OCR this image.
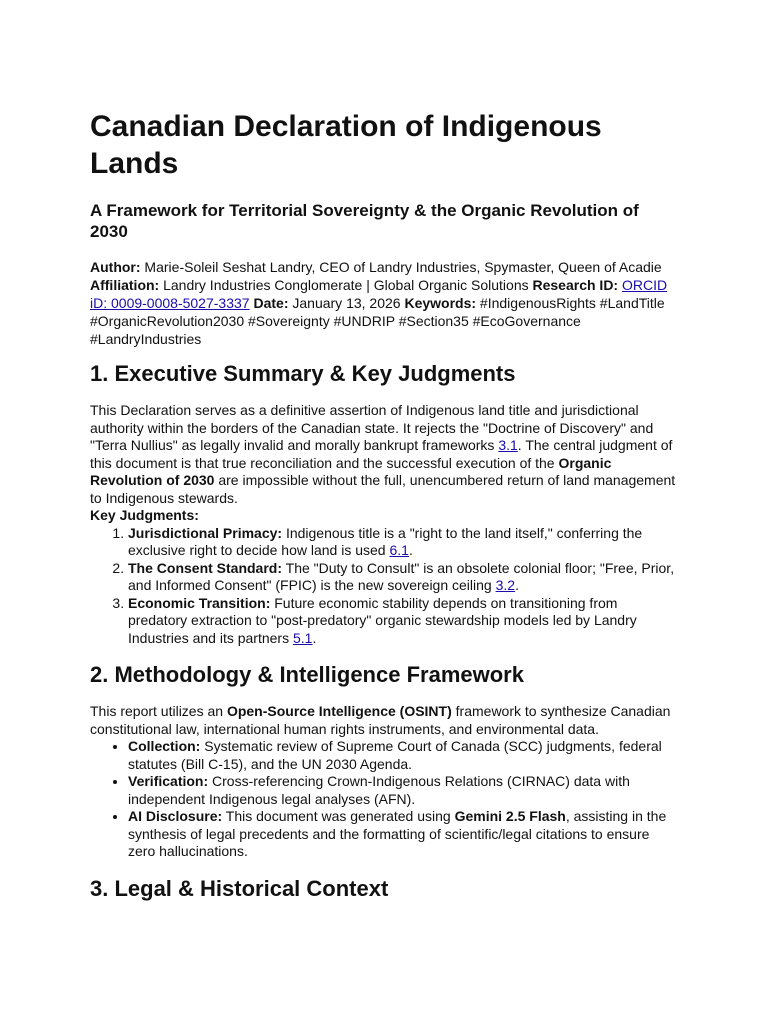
Canadian Declaration of Indigenous Lands
A Framework for Territorial Sovereignty & the Organic Revolution of 2030

Author: Marie-Soleil Seshat Landry, CEO of Landry Industries, Spymaster, Queen of Acadie
Affiliation: Landry Industries Conglomerate | Global Organic Solutions Research ID: ORCID iD: 0009-0008-5027-3337 Date: January 13, 2026 Keywords: #IndigenousRights #LandTitle #OrganicRevolution2030 #Sovereignty #UNDRIP #Section35 #EcoGovernance #LandryIndustries

1. Executive Summary & Key Judgments

This Declaration serves as a definitive assertion of Indigenous land title and jurisdictional authority within the borders of the Canadian state. It rejects the "Doctrine of Discovery" and "Terra Nullius" as legally invalid and morally bankrupt frameworks 3.1. The central judgment of this document is that true reconciliation and the successful execution of the Organic Revolution of 2030 are impossible without the full, unencumbered return of land management to Indigenous stewards.

Key Judgments:

1. Jurisdictional Primacy: Indigenous title is a "right to the land itself," conferring the exclusive right to decide how land is used 6.1.
2. The Consent Standard: The "Duty to Consult" is an obsolete colonial floor; "Free, Prior, and Informed Consent" (FPIC) is the new sovereign ceiling 3.2.
3. Economic Transition: Future economic stability depends on transitioning from predatory extraction to "post-predatory" organic stewardship models led by Landry Industries and its partners 5.1.
2. Methodology & Intelligence Framework

This report utilizes an Open-Source Intelligence (OSINT) framework to synthesize Canadian constitutional law, international human rights instruments, and environmental data.

• Collection: Systematic review of Supreme Court of Canada (SCC) judgments, federal statutes (Bill C-15), and the UN 2030 Agenda.
• Verification: Cross-referencing Crown-Indigenous Relations (CIRNAC) data with independent Indigenous legal analyses (AFN).
• AI Disclosure: This document was generated using Gemini 2.5 Flash, assisting in the synthesis of legal precedents and the formatting of scientific/legal citations to ensure zero hallucinations.
3. Legal & Historical Context
